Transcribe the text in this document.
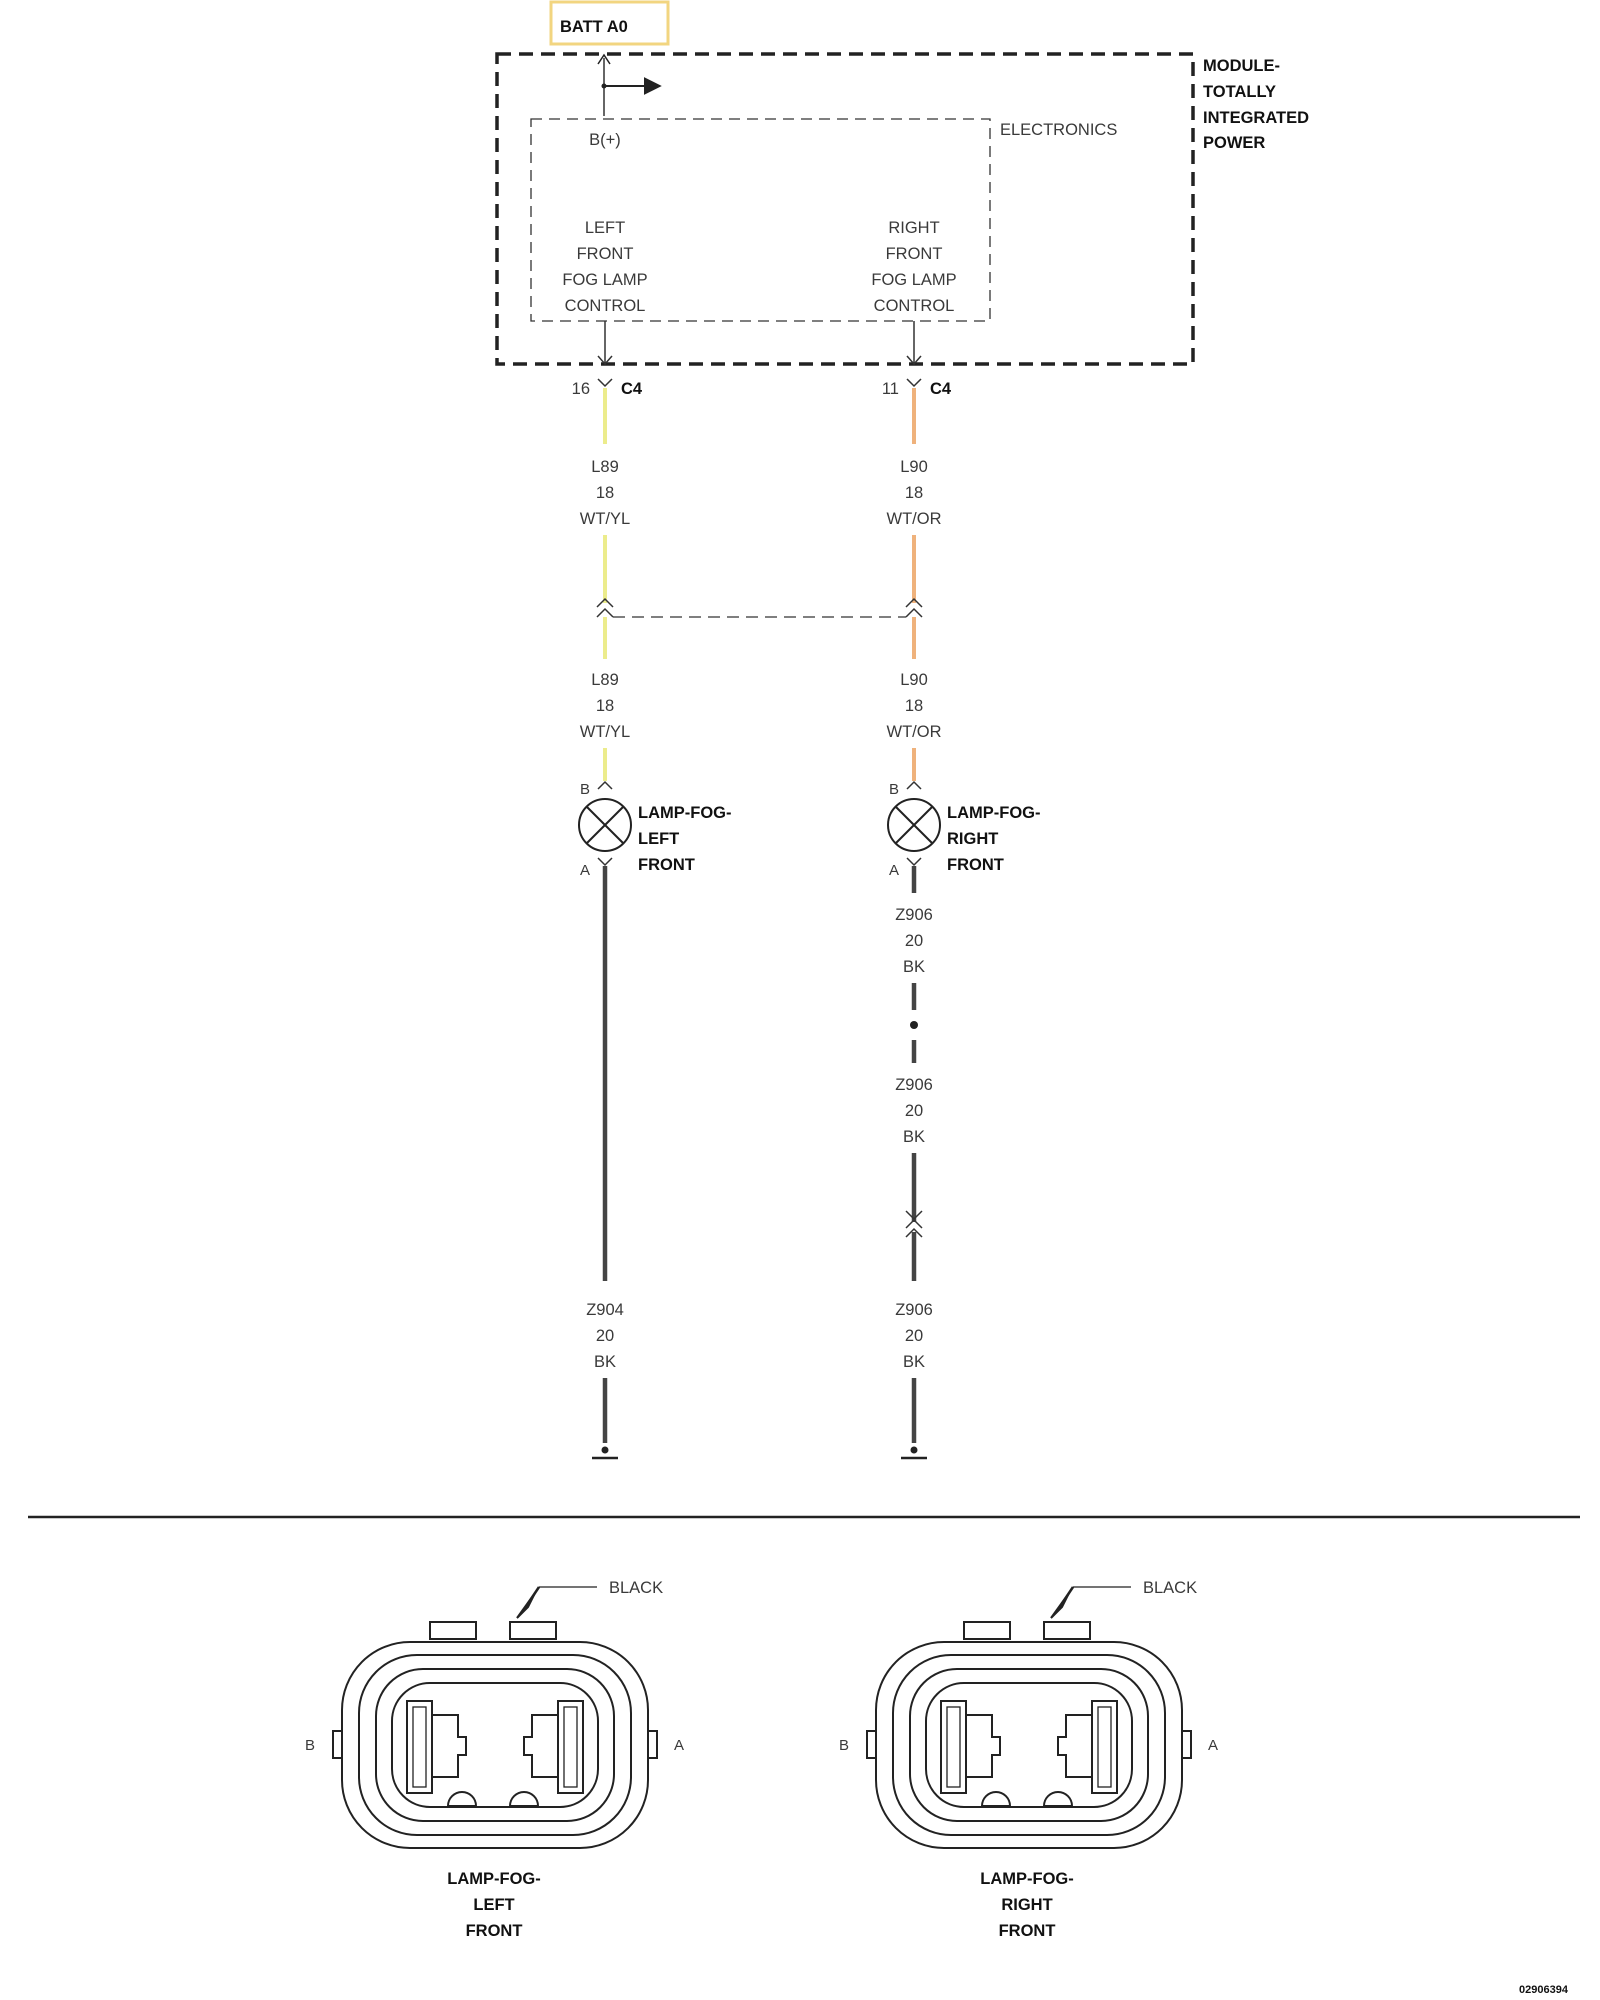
BATT A0
MODULE-
TOTALLY
INTEGRATED
POWER
ELECTRONICS
B(+)
LEFT
FRONT
FOG LAMP
CONTROL
RIGHT
FRONT
FOG LAMP
CONTROL
16 C4	11 C4
L89
18
WT/YL
L90
18
WT/OR
L89
18
WT/YL
L90
18
WT/OR
B
LAMP-FOG-
LEFT
FRONT
A
B
LAMP-FOG-
RIGHT
FRONT
A
Z904
20
BK
Z906
20
BK
Z906
20
BK
Z906
20
BK
BLACK
B	A
LAMP-FOG-
LEFT
FRONT
BLACK
B	A
LAMP-FOG-
RIGHT
FRONT
02906394
